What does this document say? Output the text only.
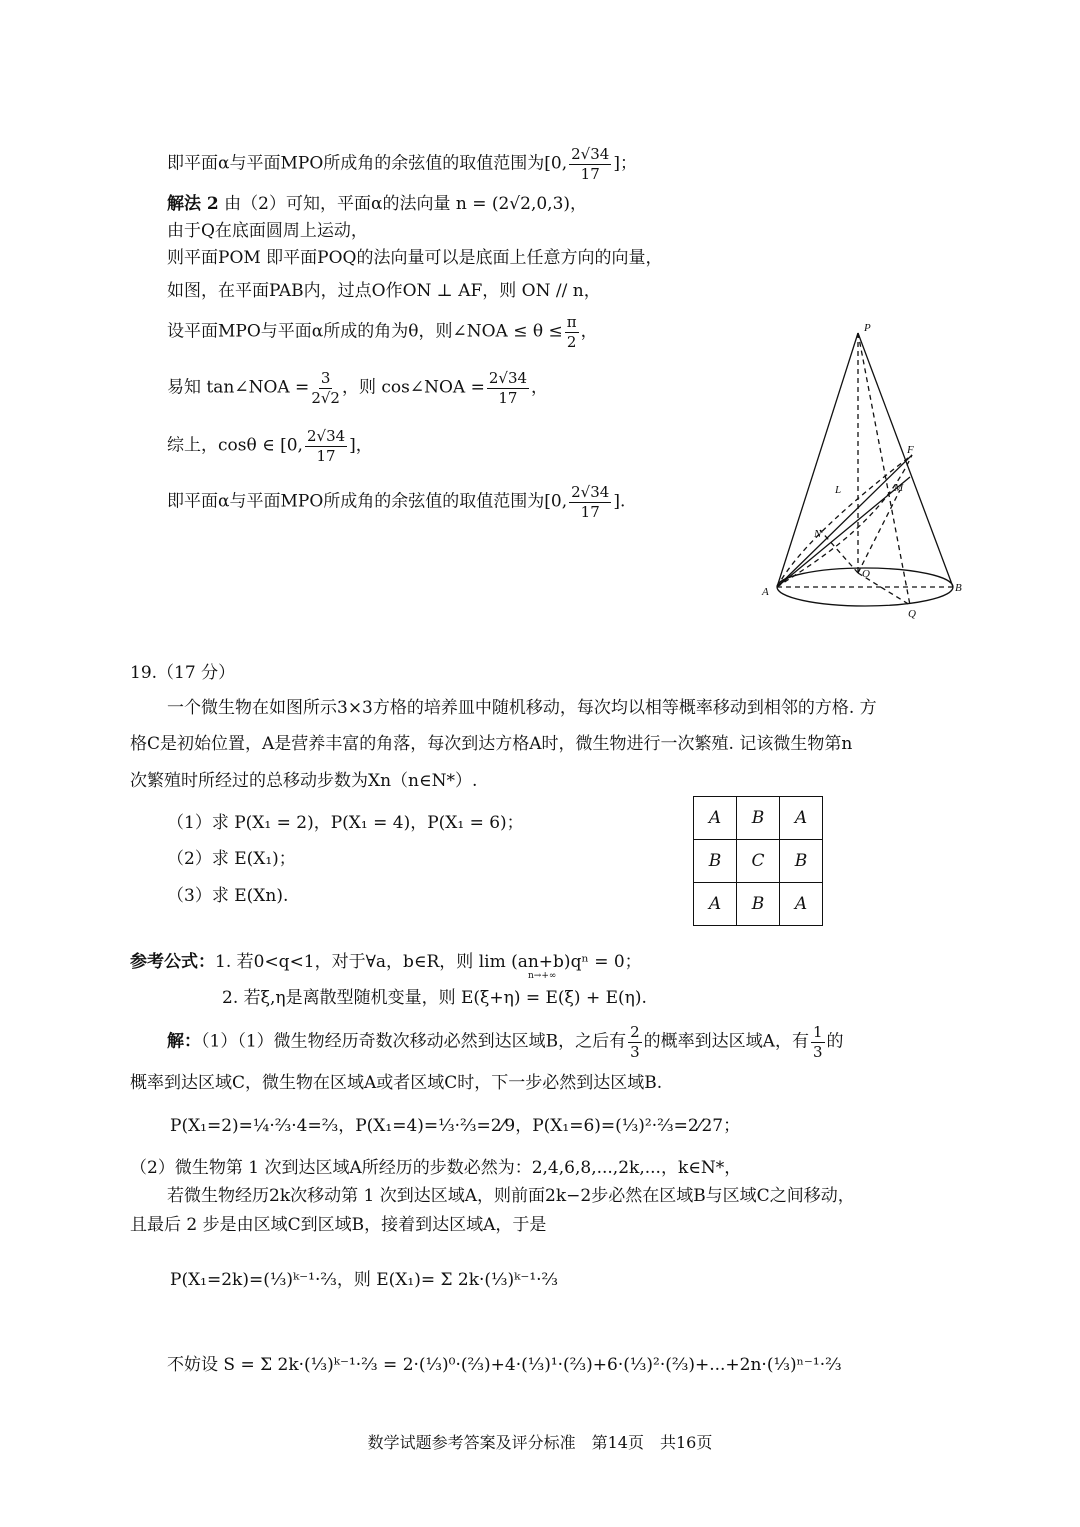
即平面α与平面MPO所成角的余弦值的取值范围为[0, $\frac{2√34}{17}$ ]；
解法 2 由（2）可知，平面α的法向量 n = (2√2,0,3)，
由于Q在底面圆周上运动，
则平面POM 即平面POQ的法向量可以是底面上任意方向的向量，
如图，在平面PAB内，过点O作ON ⊥ AF，则 ON // n，
设平面MPO与平面α所成的角为θ，则∠NOA ≤ $\theta \le \frac{\pi}{2}$ ，
易知 tan∠NOA = $\frac{3}{2√2}$ ，则 cos∠NOA = $\frac{2√34}{17}$ ，
综上，cosθ ∈ [0, $\frac{2√34}{17}$ ]，
即平面α与平面MPO所成角的余弦值的取值范围为[0, $\frac{2√34}{17}$ ].
P
F
M
L
N
O
A	B
Q
19.（17 分）
一个微生物在如图所示3×3方格的培养皿中随机移动，每次均以相等概率移动到相邻的方格. 方
格C是初始位置，A是营养丰富的角落，每次到达方格A时，微生物进行一次繁殖. 记该微生物第n
次繁殖时所经过的总移动步数为Xn（n∈N*）.
（1）求 P(X₁ = 2)，P(X₁ = 4)，P(X₁ = 6)；
（2）求 E(X₁)；
（3）求 E(Xn).
A	B	A
B	C	B
A	B	A
参考公式：1. 若0<q<1，对于∀a，b∈R，则 lim (an+b)qⁿ = 0；
n→+∞
2. 若ξ,η是离散型随机变量，则 E(ξ+η) = E(ξ) + E(η).
解：（1）（1）微生物经历奇数次移动必然到达区域B，之后有 $\frac{2}{3}$ 的概率到达区域A，有 $\frac{1}{3}$ 的
概率到达区域C，微生物在区域A或者区域C时，下一步必然到达区域B.
P(X₁=2)=¼·⅔·4=⅔，P(X₁=4)=⅓·⅔=2⁄9，P(X₁=6)=(⅓)²·⅔=2⁄27；
（2）微生物第 1 次到达区域A所经历的步数必然为：2,4,6,8,...,2k,...，k∈N*，
若微生物经历2k次移动第 1 次到达区域A，则前面2k−2步必然在区域B与区域C之间移动，
且最后 2 步是由区域C到区域B，接着到达区域A，于是
P(X₁=2k)=(⅓)ᵏ⁻¹·⅔，则 E(X₁)= Σ 2k·(⅓)ᵏ⁻¹·⅔
不妨设 S = Σ 2k·(⅓)ᵏ⁻¹·⅔ = 2·(⅓)⁰·(⅔)+4·(⅓)¹·(⅔)+6·(⅓)²·(⅔)+...+2n·(⅓)ⁿ⁻¹·⅔
数学试题参考答案及评分标准　第14页　共16页
